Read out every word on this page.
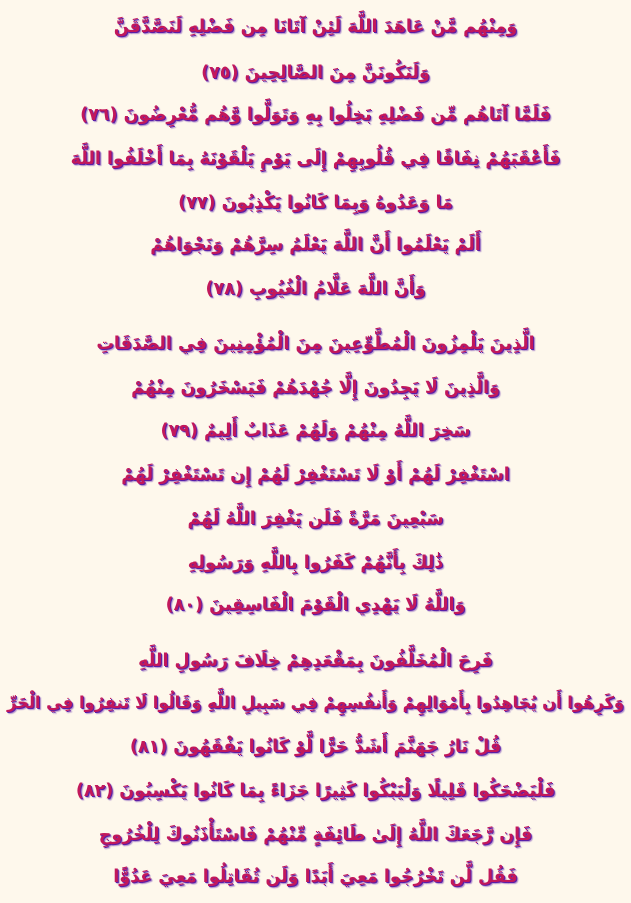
وَمِنْهُم مَّنْ عَاهَدَ اللَّهَ لَئِنْ آتَانَا مِن فَضْلِهِ لَنَصَّدَّقَنَّ
وَلَنَكُونَنَّ مِنَ الصَّالِحِينَ (٧٥)
فَلَمَّا آتَاهُم مِّن فَضْلِهِ بَخِلُوا بِهِ وَتَوَلَّوا وَّهُم مُّعْرِضُونَ (٧٦)
فَأَعْقَبَهُمْ نِفَاقًا فِي قُلُوبِهِمْ إِلَى يَوْمِ يَلْقَوْنَهُ بِمَا أَخْلَفُوا اللَّهَ
مَا وَعَدُوهُ وَبِمَا كَانُوا يَكْذِبُونَ (٧٧)
أَلَمْ يَعْلَمُوا أَنَّ اللَّهَ يَعْلَمُ سِرَّهُمْ وَنَجْوَاهُمْ
وَأَنَّ اللَّهَ عَلَّامُ الْغُيُوبِ (٧٨)
الَّذِينَ يَلْمِزُونَ الْمُطَّوِّعِينَ مِنَ الْمُؤْمِنِينَ فِي الصَّدَقَاتِ
وَالَّذِينَ لَا يَجِدُونَ إِلَّا جُهْدَهُمْ فَيَسْخَرُونَ مِنْهُمْ
سَخِرَ اللَّهُ مِنْهُمْ وَلَهُمْ عَذَابٌ أَلِيمٌ (٧٩)
اسْتَغْفِرْ لَهُمْ أَوْ لَا تَسْتَغْفِرْ لَهُمْ إِن تَسْتَغْفِرْ لَهُمْ
سَبْعِينَ مَرَّةً فَلَن يَغْفِرَ اللَّهُ لَهُمْ
ذَٰلِكَ بِأَنَّهُمْ كَفَرُوا بِاللَّهِ وَرَسُولِهِ
وَاللَّهُ لَا يَهْدِي الْقَوْمَ الْفَاسِقِينَ (٨٠)
فَرِحَ الْمُخَلَّفُونَ بِمَقْعَدِهِمْ خِلَافَ رَسُولِ اللَّهِ
وَكَرِهُوا أَن يُجَاهِدُوا بِأَمْوَالِهِمْ وَأَنفُسِهِمْ فِي سَبِيلِ اللَّهِ وَقَالُوا لَا تَنفِرُوا فِي الْحَرِّ
قُلْ نَارُ جَهَنَّمَ أَشَدُّ حَرًّا لَّوْ كَانُوا يَفْقَهُونَ (٨١)
فَلْيَضْحَكُوا قَلِيلًا وَلْيَبْكُوا كَثِيرًا جَزَاءً بِمَا كَانُوا يَكْسِبُونَ (٨٢)
فَإِن رَّجَعَكَ اللَّهُ إِلَىٰ طَائِفَةٍ مِّنْهُمْ فَاسْتَأْذَنُوكَ لِلْخُرُوجِ
فَقُل لَّن تَخْرُجُوا مَعِيَ أَبَدًا وَلَن تُقَاتِلُوا مَعِيَ عَدُوًّا
